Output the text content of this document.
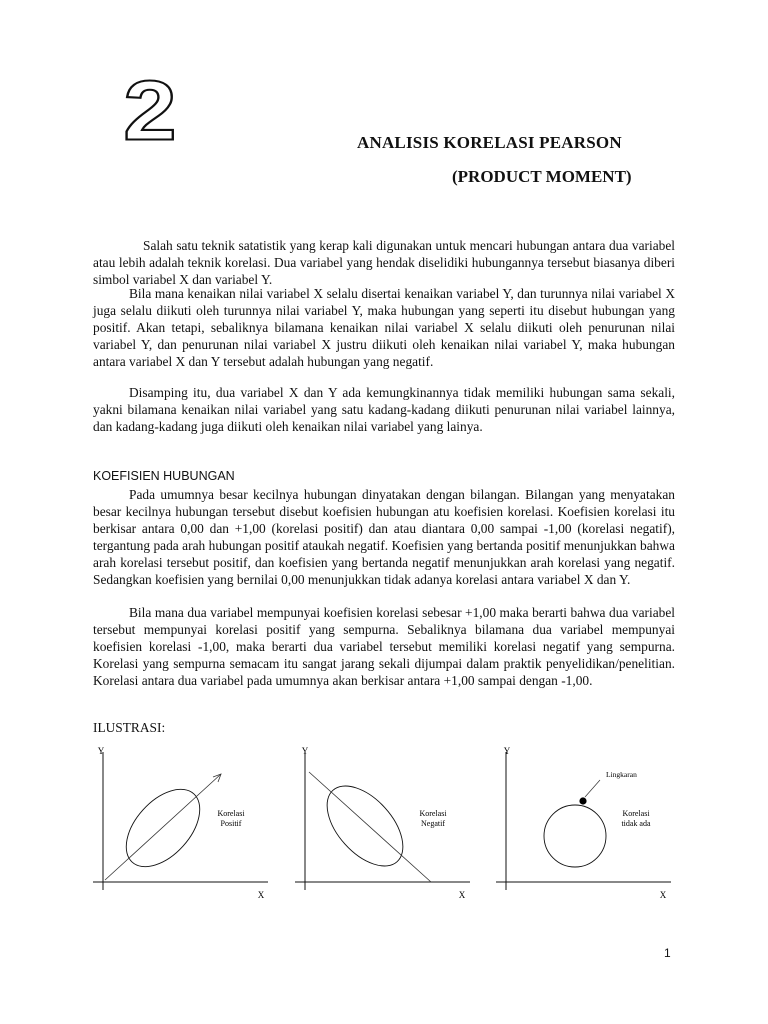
2	ANALISIS KORELASI PEARSON
(PRODUCT MOMENT)

Salah satu teknik satatistik yang kerap kali digunakan untuk mencari hubungan antara dua variabel atau lebih adalah teknik korelasi. Dua variabel yang hendak diselidiki hubungannya tersebut biasanya diberi simbol variabel X dan variabel Y.

Bila mana kenaikan nilai variabel X selalu disertai kenaikan variabel Y, dan turunnya nilai variabel X juga selalu diikuti oleh turunnya nilai variabel Y, maka hubungan yang seperti itu disebut hubungan yang positif. Akan tetapi, sebaliknya bilamana kenaikan nilai variabel X selalu diikuti oleh penurunan nilai variabel Y, dan penurunan nilai variabel X justru diikuti oleh kenaikan nilai variabel Y, maka hubungan antara variabel X dan Y tersebut adalah hubungan yang negatif.

Disamping itu, dua variabel X dan Y ada kemungkinannya tidak memiliki hubungan sama sekali, yakni bilamana kenaikan nilai variabel yang satu kadang-kadang diikuti penurunan nilai variabel lainnya, dan kadang-kadang juga diikuti oleh kenaikan nilai variabel yang lainya.

KOEFISIEN HUBUNGAN

Pada umumnya besar kecilnya hubungan dinyatakan dengan bilangan. Bilangan yang menyatakan besar kecilnya hubungan tersebut disebut koefisien hubungan atu koefisien korelasi. Koefisien korelasi itu berkisar antara 0,00 dan +1,00 (korelasi positif) dan atau diantara 0,00 sampai -1,00 (korelasi negatif), tergantung pada arah hubungan positif ataukah negatif. Koefisien yang bertanda positif menunjukkan bahwa arah korelasi tersebut positif, dan koefisien yang bertanda negatif menunjukkan arah korelasi yang negatif. Sedangkan koefisien yang bernilai 0,00 menunjukkan tidak adanya korelasi antara variabel X dan Y.

Bila mana dua variabel mempunyai koefisien korelasi sebesar +1,00 maka berarti bahwa dua variabel tersebut mempunyai korelasi positif yang sempurna. Sebaliknya bilamana dua variabel mempunyai koefisien korelasi -1,00, maka berarti dua variabel tersebut memiliki korelasi negatif yang sempurna. Korelasi yang sempurna semacam itu sangat jarang sekali dijumpai dalam praktik penyelidikan/penelitian. Korelasi antara dua variabel pada umumnya akan berkisar antara +1,00 sampai dengan -1,00.

ILUSTRASI:
Y
X
Korelasi
Positif
Y
X
Korelasi
Negatif
Y
X
Lingkaran
Korelasi
tidak ada
1
